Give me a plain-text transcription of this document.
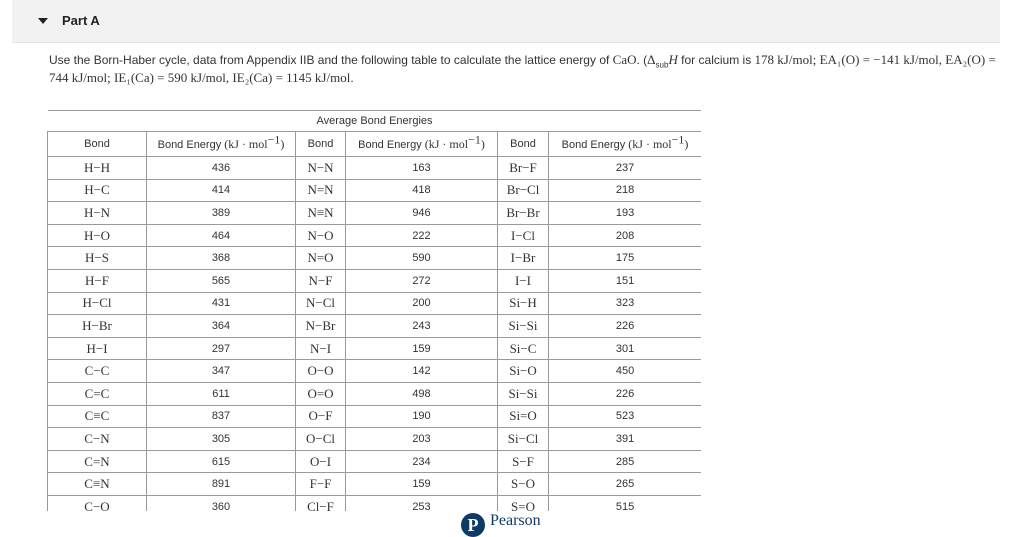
Part A
Use the Born-Haber cycle, data from Appendix IIB and the following table to calculate the lattice energy of CaO. ($\Delta_{sub}H$ for calcium is 178 kJ/mol; EA₁(O) = −141 kJ/mol, EA₂(O) = 744 kJ/mol; IE₁(Ca) = 590 kJ/mol, IE₂(Ca) = 1145 kJ/mol.
Average Bond Energies					
Bond	Bond Energy (kJ · mol$^{-1}$)	Bond	Bond Energy (kJ · mol$^{-1}$)	Bond	Bond Energy (kJ · mol$^{-1}$)
H−H	436	N−N	163	Br−F	237
H−C	414	N=N	418	Br−Cl	218
H−N	389	N≡N	946	Br−Br	193
H−O	464	N−O	222	I−Cl	208
H−S	368	N=O	590	I−Br	175
H−F	565	N−F	272	I−I	151
H−Cl	431	N−Cl	200	Si−H	323
H−Br	364	N−Br	243	Si−Si	226
H−I	297	N−I	159	Si−C	301
C−C	347	O−O	142	Si−O	450
C=C	611	O=O	498	Si−Si	226
C≡C	837	O−F	190	Si=O	523
C−N	305	O−Cl	203	Si−Cl	391
C=N	615	O−I	234	S−F	285
C≡N	891	F−F	159	S−O	265
C−O	360	Cl−F	253	S=O	515
P Pearson
